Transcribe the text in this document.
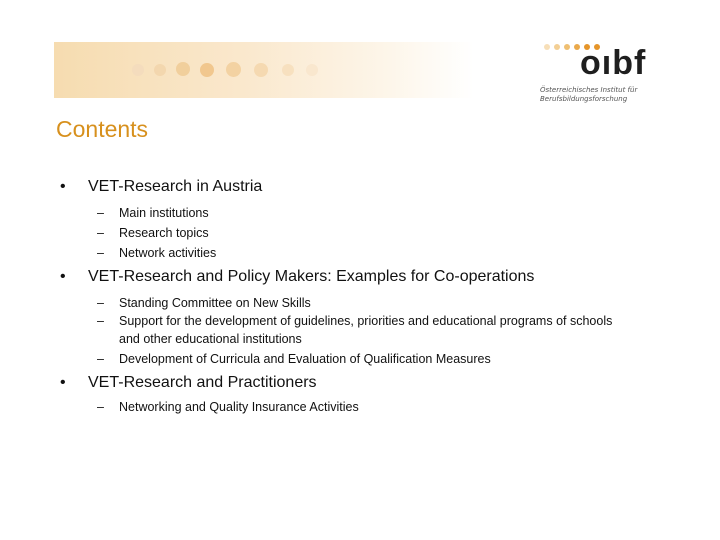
oıbf
Österreichisches Institut für
Berufsbildungsforschung
Contents
• VET-Research in Austria
– Main institutions
– Research topics
– Network activities
• VET-Research and Policy Makers: Examples for Co-operations
– Standing Committee on New Skills
– Support for the development of guidelines, priorities and educational programs of schools and other educational institutions
– Development of Curricula and Evaluation of Qualification Measures
• VET-Research and Practitioners
– Networking and Quality Insurance Activities
